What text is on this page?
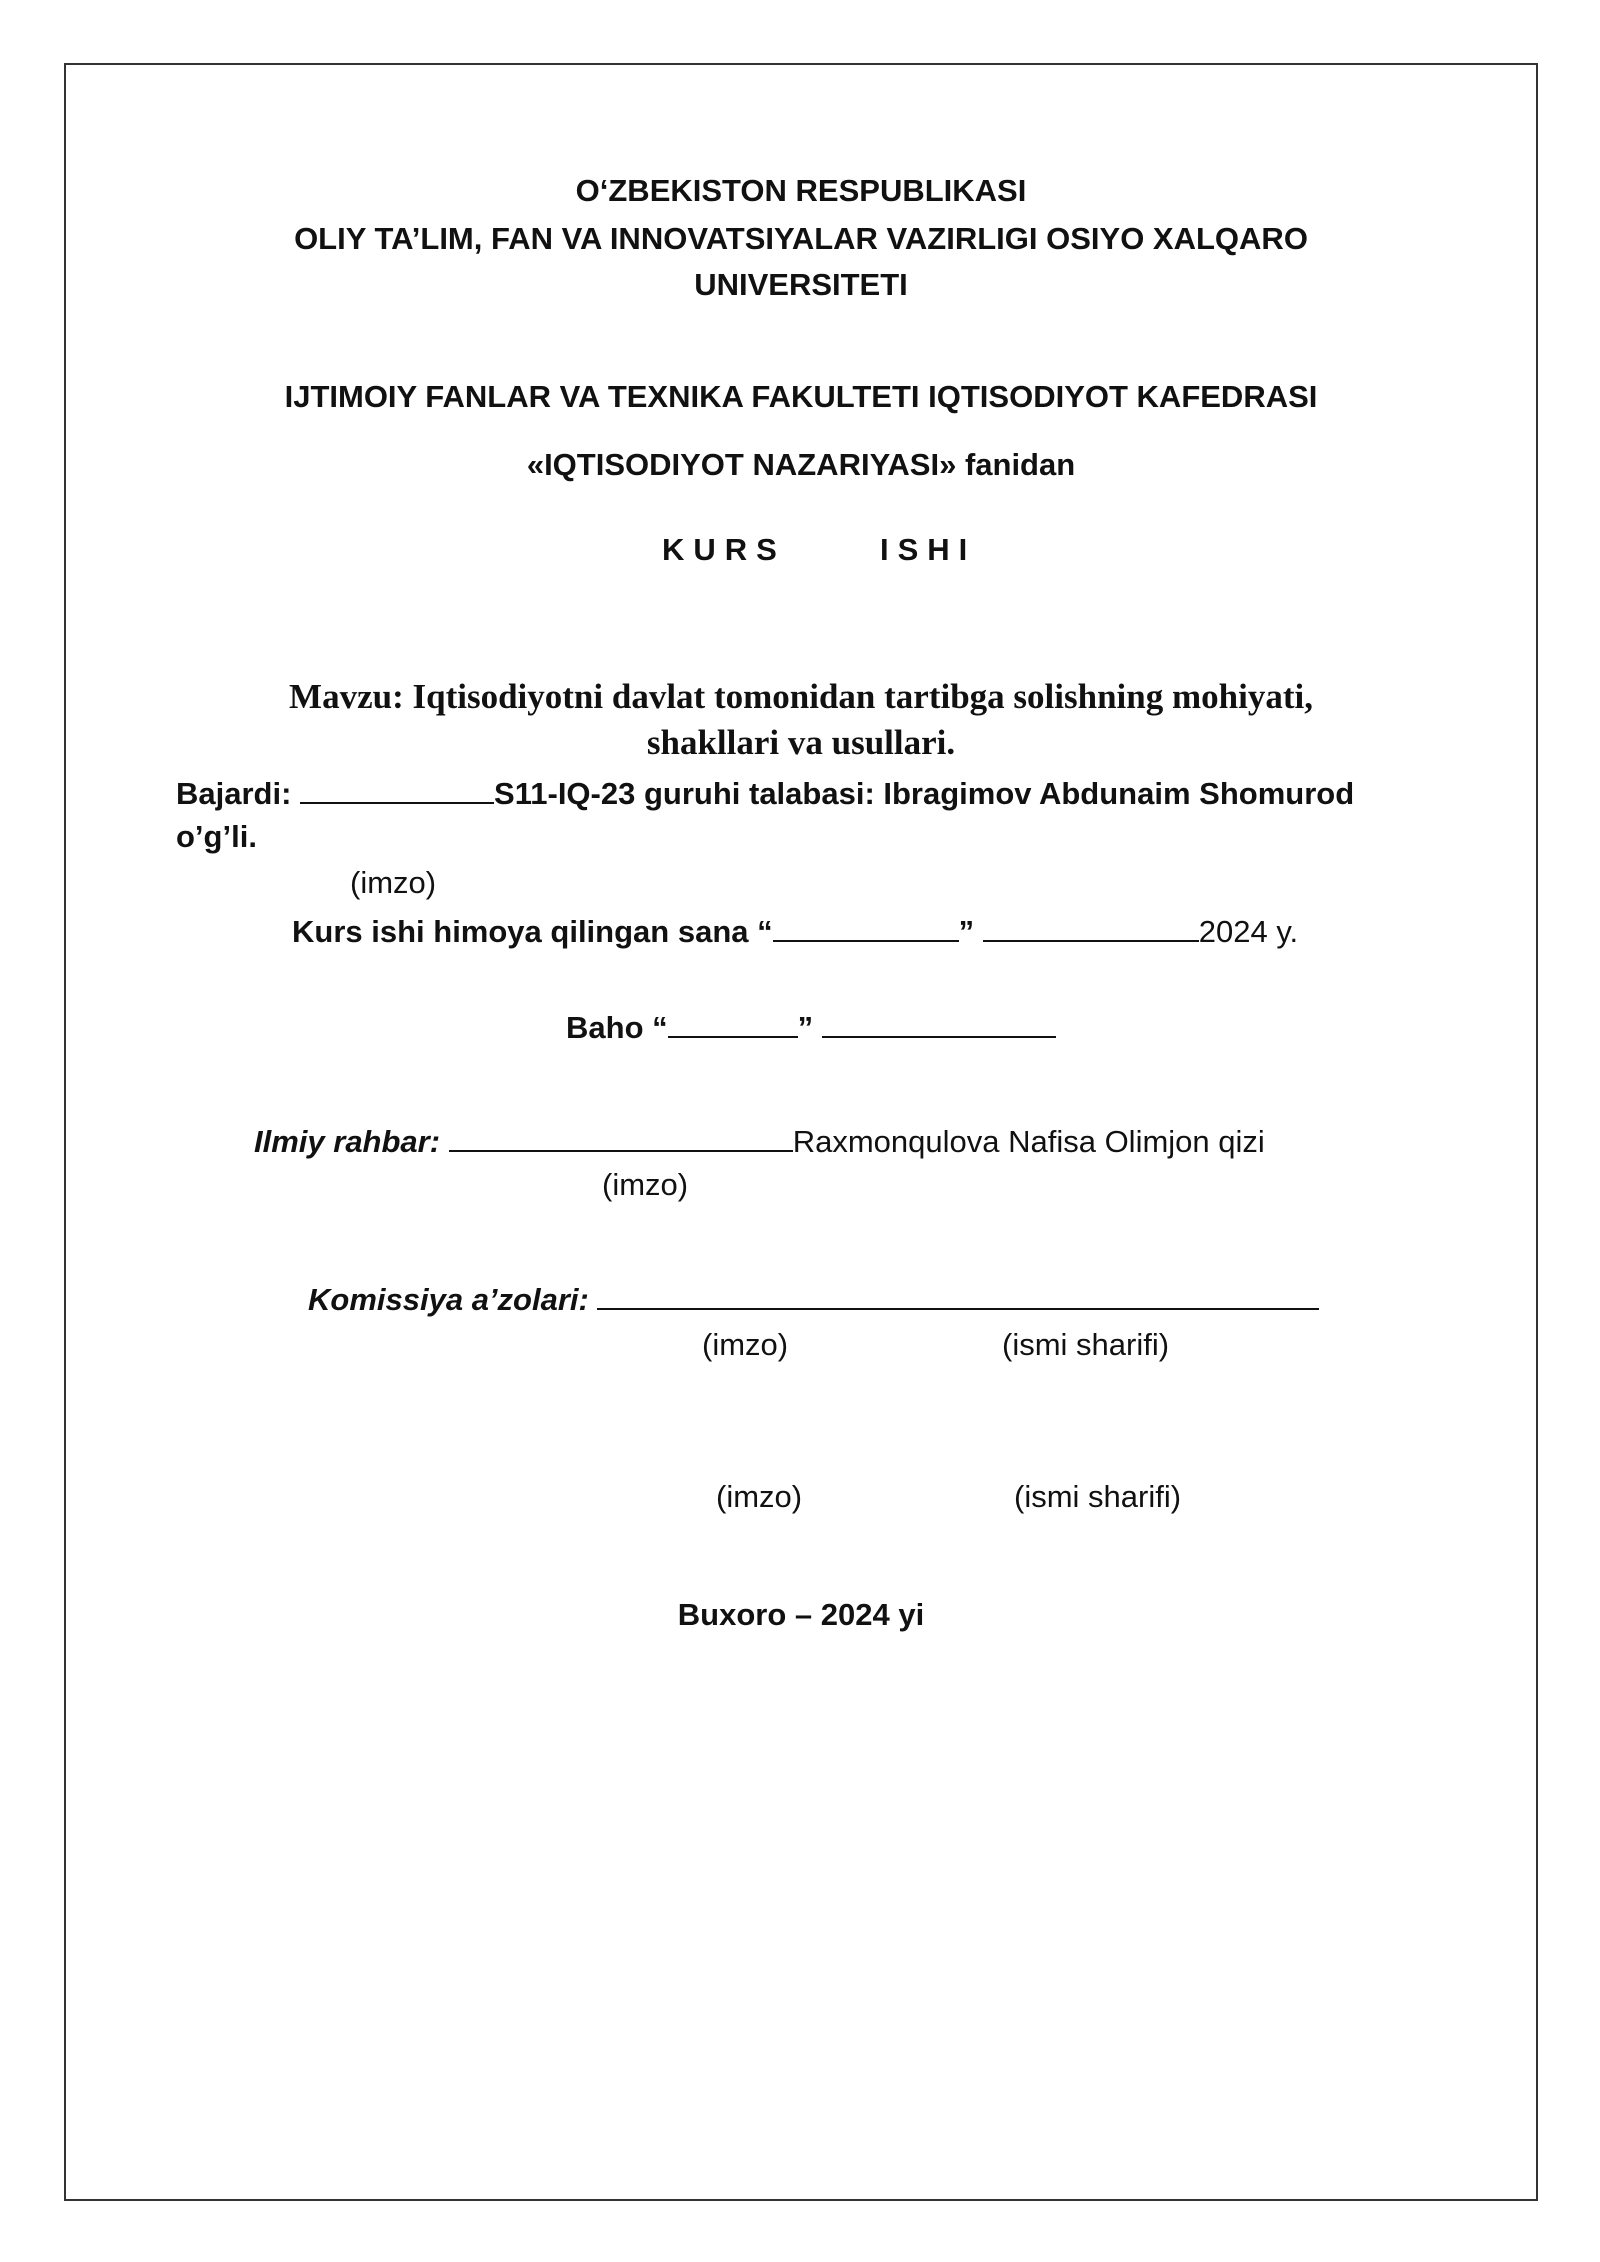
O‘ZBEKISTON RESPUBLIKASI
OLIY TA’LIM, FAN VA INNOVATSIYALAR VAZIRLIGI OSIYO XALQARO
UNIVERSITETI
IJTIMOIY FANLAR VA TEXNIKA FAKULTETI IQTISODIYOT KAFEDRASI
«IQTISODIYOT NAZARIYASI» fanidan
KURS	ISHI
Mavzu: Iqtisodiyotni davlat tomonidan tartibga solishning mohiyati,
shakllari va usullari.
Bajardi:	S11-IQ-23 guruhi talabasi: Ibragimov Abdunaim Shomurod
o’g’li.
(imzo)
Kurs ishi himoya qilingan sana “	”	2024 y.
Baho “	”
Ilmiy rahbar:	Raxmonqulova Nafisa Olimjon qizi
(imzo)
Komissiya a’zolari:
(imzo)	(ismi sharifi)
(imzo)	(ismi sharifi)
Buxoro – 2024 yi
